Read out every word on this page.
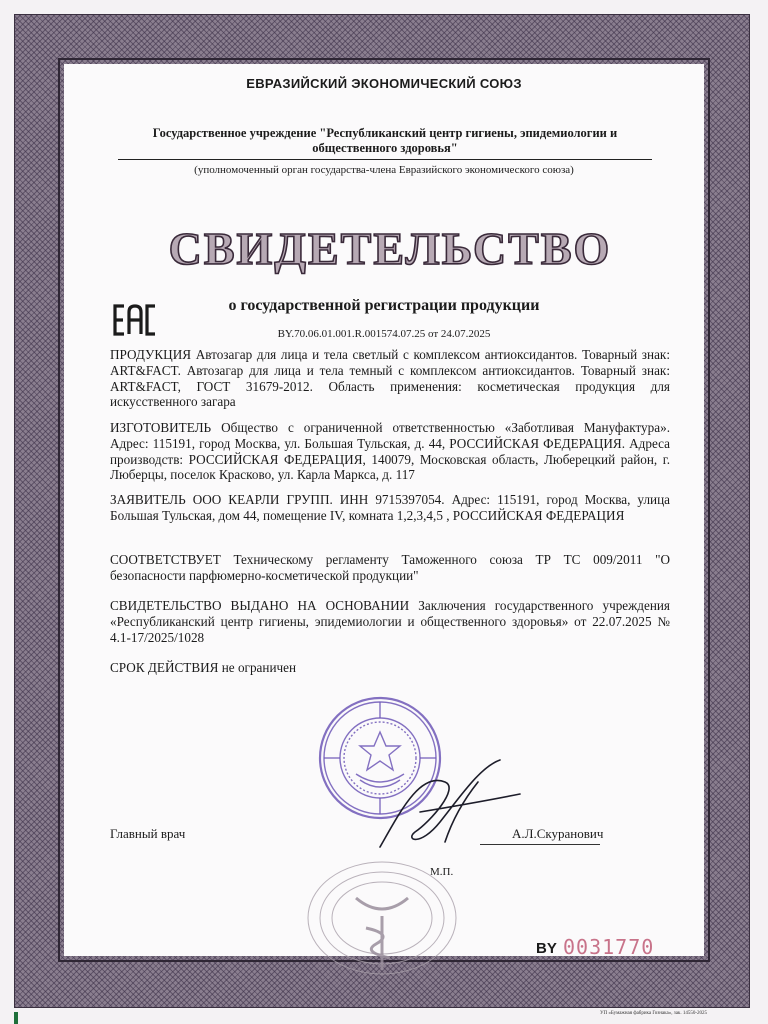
ЕВРАЗИЙСКИЙ ЭКОНОМИЧЕСКИЙ СОЮЗ
Государственное учреждение "Республиканский центр гигиены, эпидемиологии и общественного здоровья"
(уполномоченный орган государства-члена Евразийского экономического союза)
СВИДЕТЕЛЬСТВО
о государственной регистрации продукции
BY.70.06.01.001.R.001574.07.25 от 24.07.2025
ПРОДУКЦИЯ Автозагар для лица и тела светлый с комплексом антиоксидантов. Товарный знак: ART&FACT. Автозагар для лица и тела темный с комплексом антиоксидантов. Товарный знак: ART&FACT, ГОСТ 31679-2012. Область применения: косметическая продукция для искусственного загара
ИЗГОТОВИТЕЛЬ Общество с ограниченной ответственностью «Заботливая Мануфактура». Адрес: 115191, город Москва, ул. Большая Тульская, д. 44, РОССИЙСКАЯ ФЕДЕРАЦИЯ. Адреса производств: РОССИЙСКАЯ ФЕДЕРАЦИЯ, 140079, Московская область, Люберецкий район, г. Люберцы, поселок Красково, ул. Карла Маркса, д. 117
ЗАЯВИТЕЛЬ ООО КЕАРЛИ ГРУПП. ИНН 9715397054. Адрес: 115191, город Москва, улица Большая Тульская, дом 44, помещение IV, комната 1,2,3,4,5 , РОССИЙСКАЯ ФЕДЕРАЦИЯ
СООТВЕТСТВУЕТ Техническому регламенту Таможенного союза ТР ТС 009/2011 "О безопасности парфюмерно-косметической продукции"
СВИДЕТЕЛЬСТВО ВЫДАНО НА ОСНОВАНИИ Заключения государственного учреждения «Республиканский центр гигиены, эпидемиологии и общественного здоровья» от 22.07.2025 № 4.1-17/2025/1028
СРОК ДЕЙСТВИЯ не ограничен
Главный врач	А.Л.Скуранович
М.П.
BY 0031770
УП «Бумажная фабрика Гознака», зак. 14550-2025
